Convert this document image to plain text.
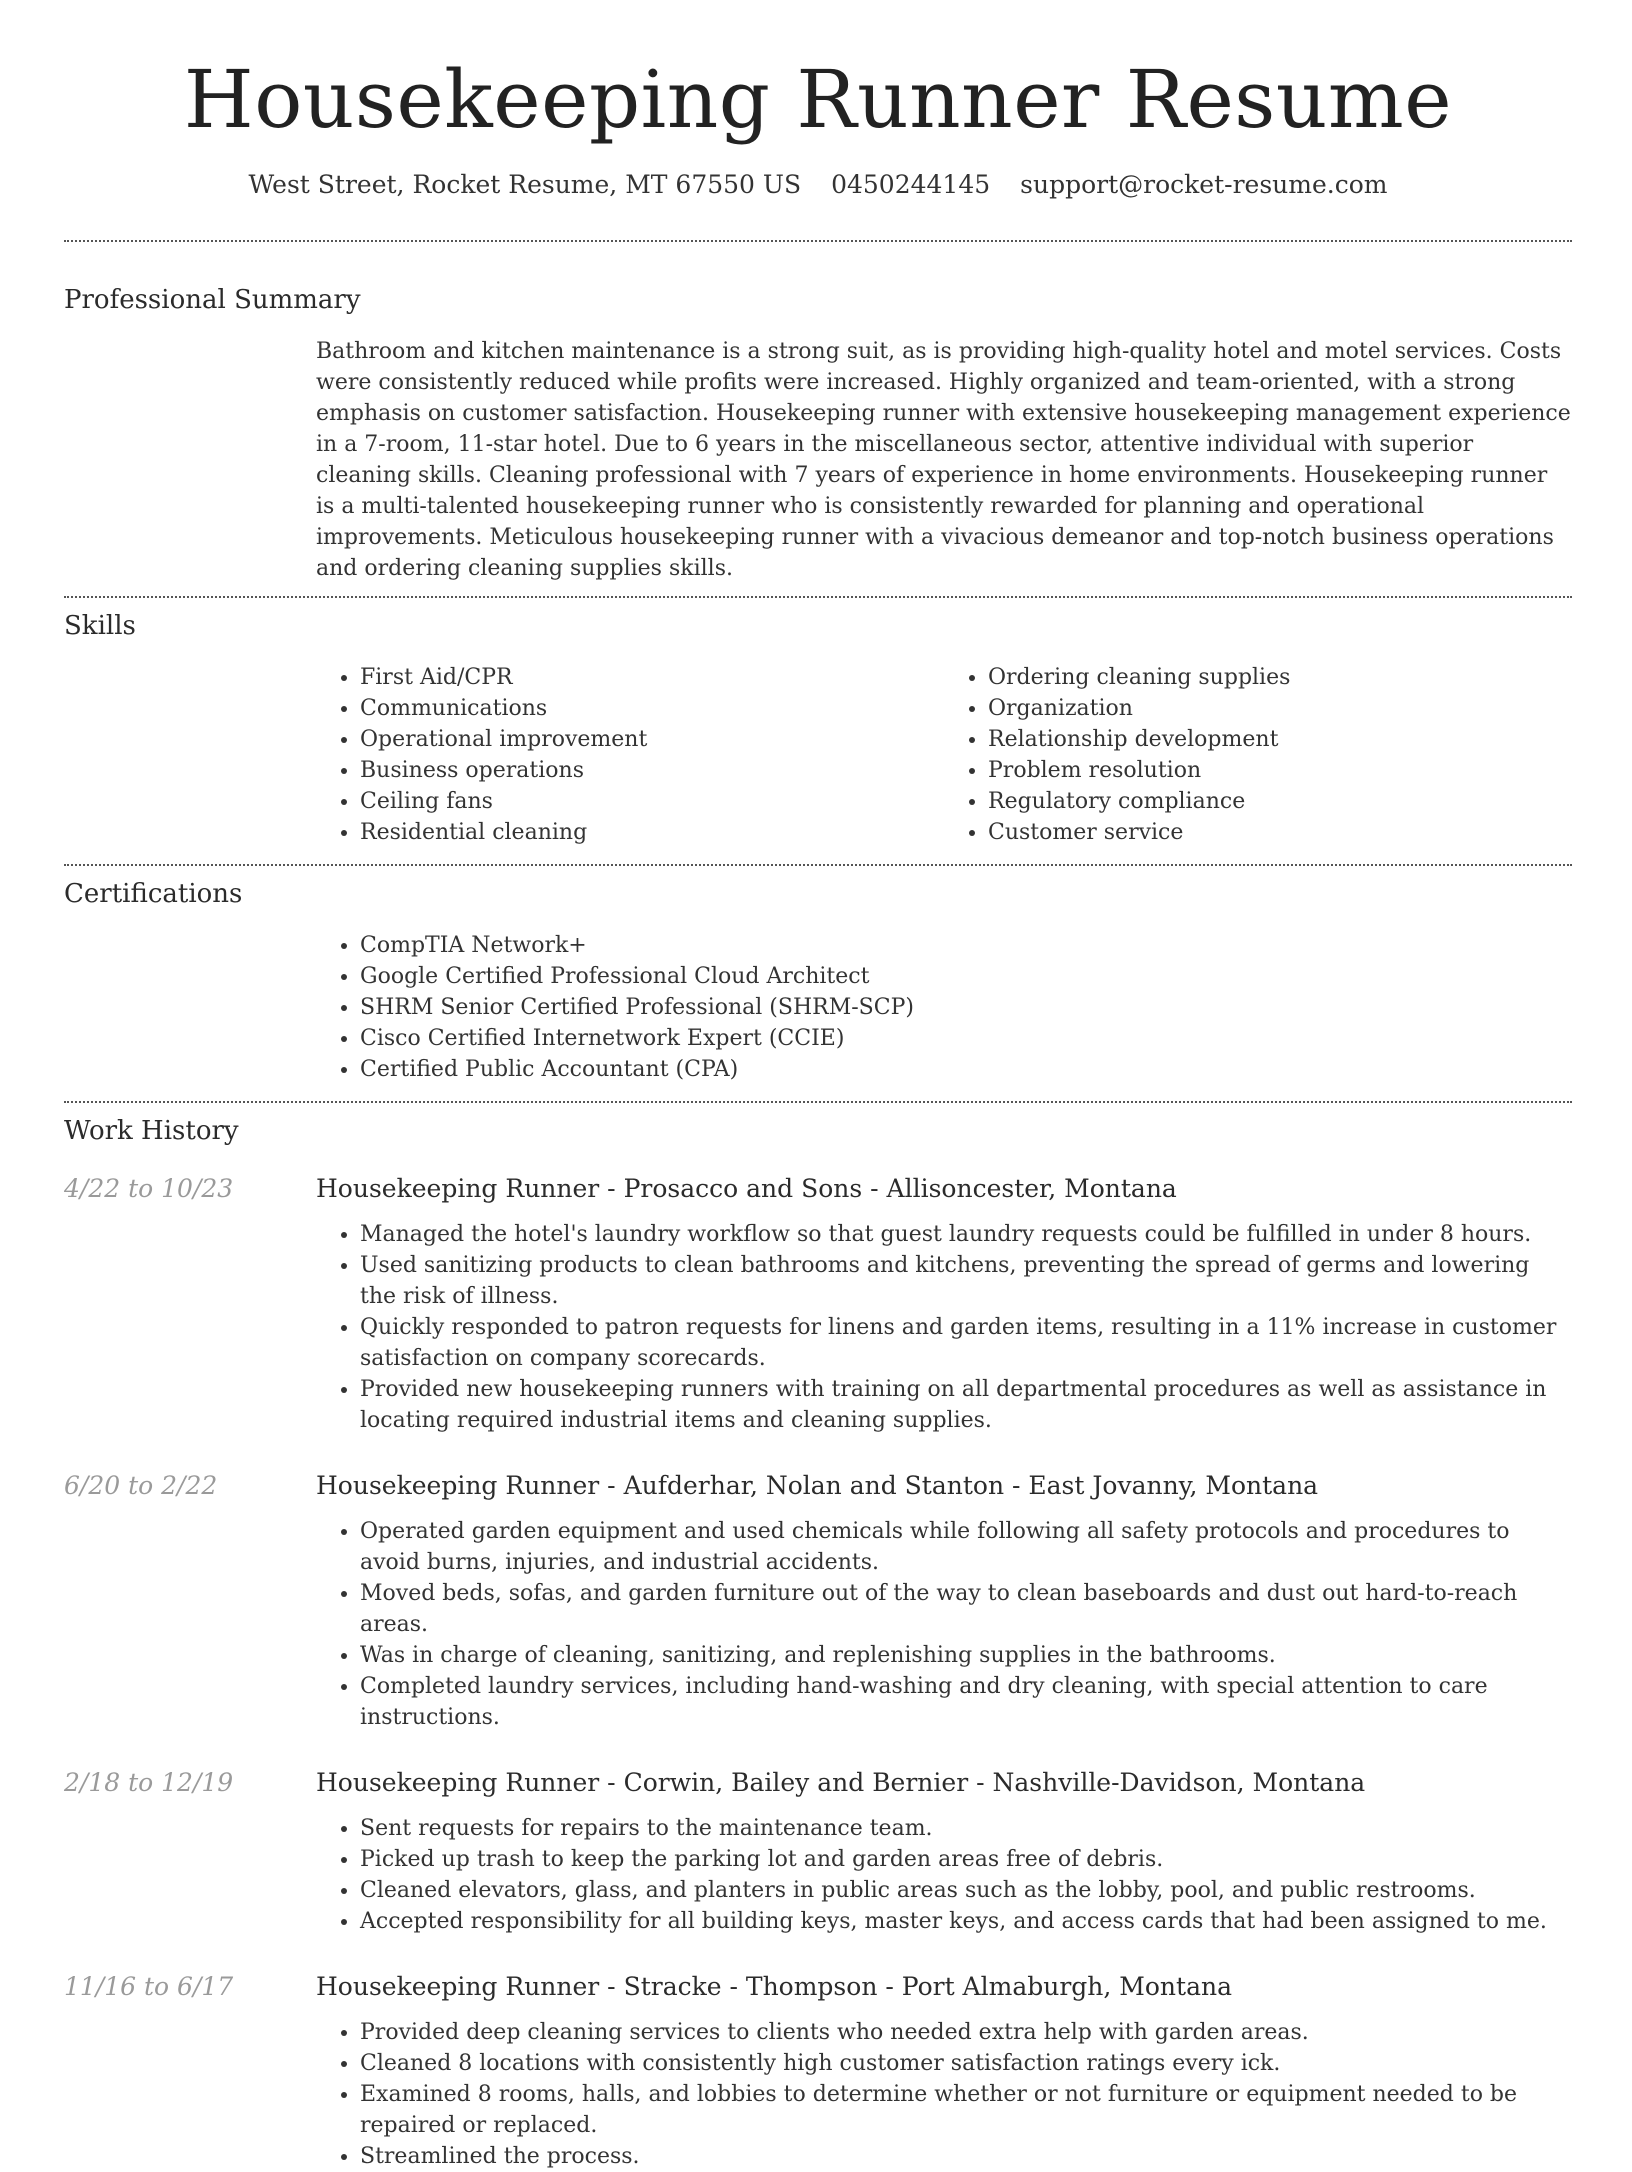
Housekeeping Runner Resume
West Street, Rocket Resume, MT 67550 US 0450244145 support@rocket-resume.com
Professional Summary
Bathroom and kitchen maintenance is a strong suit, as is providing high-quality hotel and motel services. Costs were consistently reduced while profits were increased. Highly organized and team-oriented, with a strong emphasis on customer satisfaction. Housekeeping runner with extensive housekeeping management experience in a 7-room, 11-star hotel. Due to 6 years in the miscellaneous sector, attentive individual with superior cleaning skills. Cleaning professional with 7 years of experience in home environments. Housekeeping runner is a multi-talented housekeeping runner who is consistently rewarded for planning and operational improvements. Meticulous housekeeping runner with a vivacious demeanor and top-notch business operations and ordering cleaning supplies skills.
Skills
• First Aid/CPR
• Communications
• Operational improvement
• Business operations
• Ceiling fans
• Residential cleaning
• Ordering cleaning supplies
• Organization
• Relationship development
• Problem resolution
• Regulatory compliance
• Customer service
Certifications
• CompTIA Network+
• Google Certified Professional Cloud Architect
• SHRM Senior Certified Professional (SHRM-SCP)
• Cisco Certified Internetwork Expert (CCIE)
• Certified Public Accountant (CPA)
Work History
4/22 to 10/23	Housekeeping Runner - Prosacco and Sons - Allisoncester, Montana
• Managed the hotel's laundry workflow so that guest laundry requests could be fulfilled in under 8 hours.
• Used sanitizing products to clean bathrooms and kitchens, preventing the spread of germs and lowering the risk of illness.
• Quickly responded to patron requests for linens and garden items, resulting in a 11% increase in customer satisfaction on company scorecards.
• Provided new housekeeping runners with training on all departmental procedures as well as assistance in locating required industrial items and cleaning supplies.
6/20 to 2/22	Housekeeping Runner - Aufderhar, Nolan and Stanton - East Jovanny, Montana
• Operated garden equipment and used chemicals while following all safety protocols and procedures to avoid burns, injuries, and industrial accidents.
• Moved beds, sofas, and garden furniture out of the way to clean baseboards and dust out hard-to-reach areas.
• Was in charge of cleaning, sanitizing, and replenishing supplies in the bathrooms.
• Completed laundry services, including hand-washing and dry cleaning, with special attention to care instructions.
2/18 to 12/19	Housekeeping Runner - Corwin, Bailey and Bernier - Nashville-Davidson, Montana
• Sent requests for repairs to the maintenance team.
• Picked up trash to keep the parking lot and garden areas free of debris.
• Cleaned elevators, glass, and planters in public areas such as the lobby, pool, and public restrooms.
• Accepted responsibility for all building keys, master keys, and access cards that had been assigned to me.
11/16 to 6/17	Housekeeping Runner - Stracke - Thompson - Port Almaburgh, Montana
• Provided deep cleaning services to clients who needed extra help with garden areas.
• Cleaned 8 locations with consistently high customer satisfaction ratings every ick.
• Examined 8 rooms, halls, and lobbies to determine whether or not furniture or equipment needed to be repaired or replaced.
• Streamlined the process.
